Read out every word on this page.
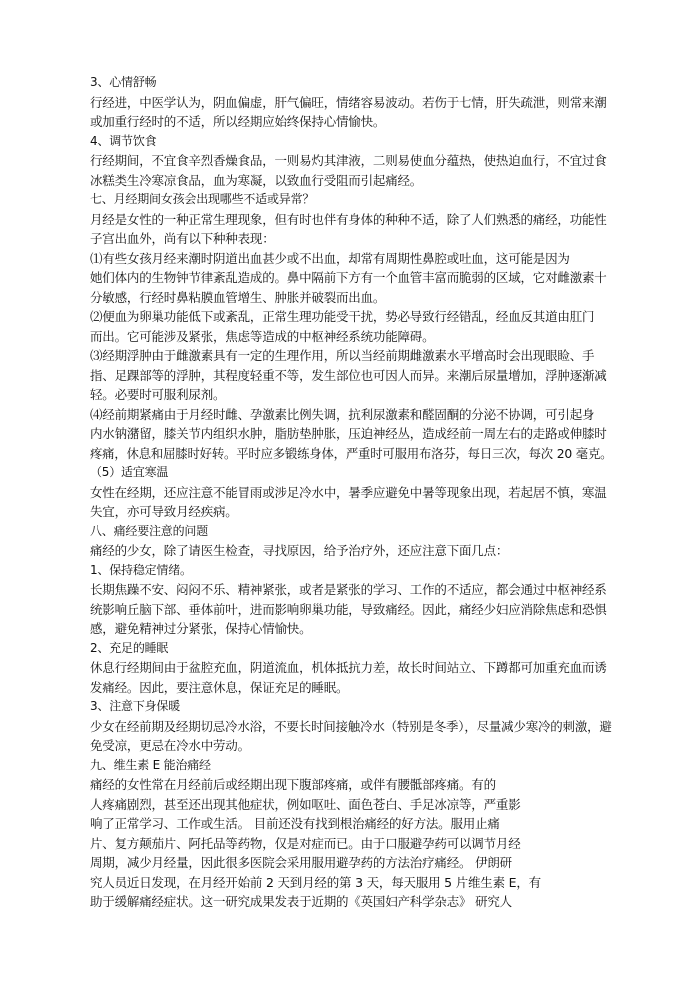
3、心情舒畅
行经进，中医学认为，阴血偏虚，肝气偏旺，情绪容易波动。若伤于七情，肝失疏泄，则常来潮
或加重行经时的不适，所以经期应始终保持心情愉快。
4、调节饮食
行经期间，不宜食辛烈香燥食品，一则易灼其津液，二则易使血分蕴热，使热迫血行，不宜过食
冰糕类生冷寒凉食品，血为寒凝，以致血行受阻而引起痛经。
七、月经期间女孩会出现哪些不适或异常？
月经是女性的一种正常生理现象，但有时也伴有身体的种种不适，除了人们熟悉的痛经，功能性
子宫出血外，尚有以下种种表现：
⑴有些女孩月经来潮时阴道出血甚少或不出血，却常有周期性鼻腔或吐血，这可能是因为
她们体内的生物钟节律紊乱造成的。鼻中隔前下方有一个血管丰富而脆弱的区域，它对雌激素十
分敏感，行经时鼻粘膜血管增生、肿胀并破裂而出血。
⑵便血为卵巢功能低下或紊乱，正常生理功能受干扰，势必导致行经错乱，经血反其道由肛门
而出。它可能涉及紧张，焦虑等造成的中枢神经系统功能障碍。
⑶经期浮肿由于雌激素具有一定的生理作用，所以当经前期雌激素水平增高时会出现眼睑、手
指、足踝部等的浮肿，其程度轻重不等，发生部位也可因人而异。来潮后尿量增加，浮肿逐渐减
轻。必要时可服利尿剂。
⑷经前期紧痛由于月经时雌、孕激素比例失调，抗利尿激素和醛固酮的分泌不协调，可引起身
内水钠潴留，膝关节内组织水肿，脂肪垫肿胀，压迫神经丛，造成经前一周左右的走路或伸膝时
疼痛，休息和屈膝时好转。平时应多锻练身体，严重时可服用布洛芬，每日三次，每次 20 毫克。
（5）适宜寒温
女性在经期，还应注意不能冒雨或涉足冷水中，暑季应避免中暑等现象出现，若起居不慎，寒温
失宜，亦可导致月经疾病。
八、痛经要注意的问题
痛经的少女，除了请医生检查，寻找原因，给予治疗外，还应注意下面几点：
1、保持稳定情绪。
长期焦躁不安、闷闷不乐、精神紧张，或者是紧张的学习、工作的不适应，都会通过中枢神经系
统影响丘脑下部、垂体前叶，进而影响卵巢功能，导致痛经。因此，痛经少妇应消除焦虑和恐惧
感，避免精神过分紧张，保持心情愉快。
2、充足的睡眠
休息行经期间由于盆腔充血，阴道流血，机体抵抗力差，故长时间站立、下蹲都可加重充血而诱
发痛经。因此，要注意休息，保证充足的睡眠。
3、注意下身保暖
少女在经前期及经期切忌冷水浴，不要长时间接触冷水（特别是冬季），尽量减少寒冷的刺激，避
免受凉，更忌在冷水中劳动。
九、维生素 E 能治痛经
痛经的女性常在月经前后或经期出现下腹部疼痛，或伴有腰骶部疼痛。有的
人疼痛剧烈，甚至还出现其他症状，例如呕吐、面色苍白、手足冰凉等，严重影
响了正常学习、工作或生活。 目前还没有找到根治痛经的好方法。服用止痛
片、复方颠茄片、阿托品等药物，仅是对症而已。由于口服避孕药可以调节月经
周期，减少月经量，因此很多医院会采用服用避孕药的方法治疗痛经。 伊朗研
究人员近日发现，在月经开始前 2 天到月经的第 3 天，每天服用 5 片维生素 E，有
助于缓解痛经症状。这一研究成果发表于近期的《英国妇产科学杂志》 研究人
